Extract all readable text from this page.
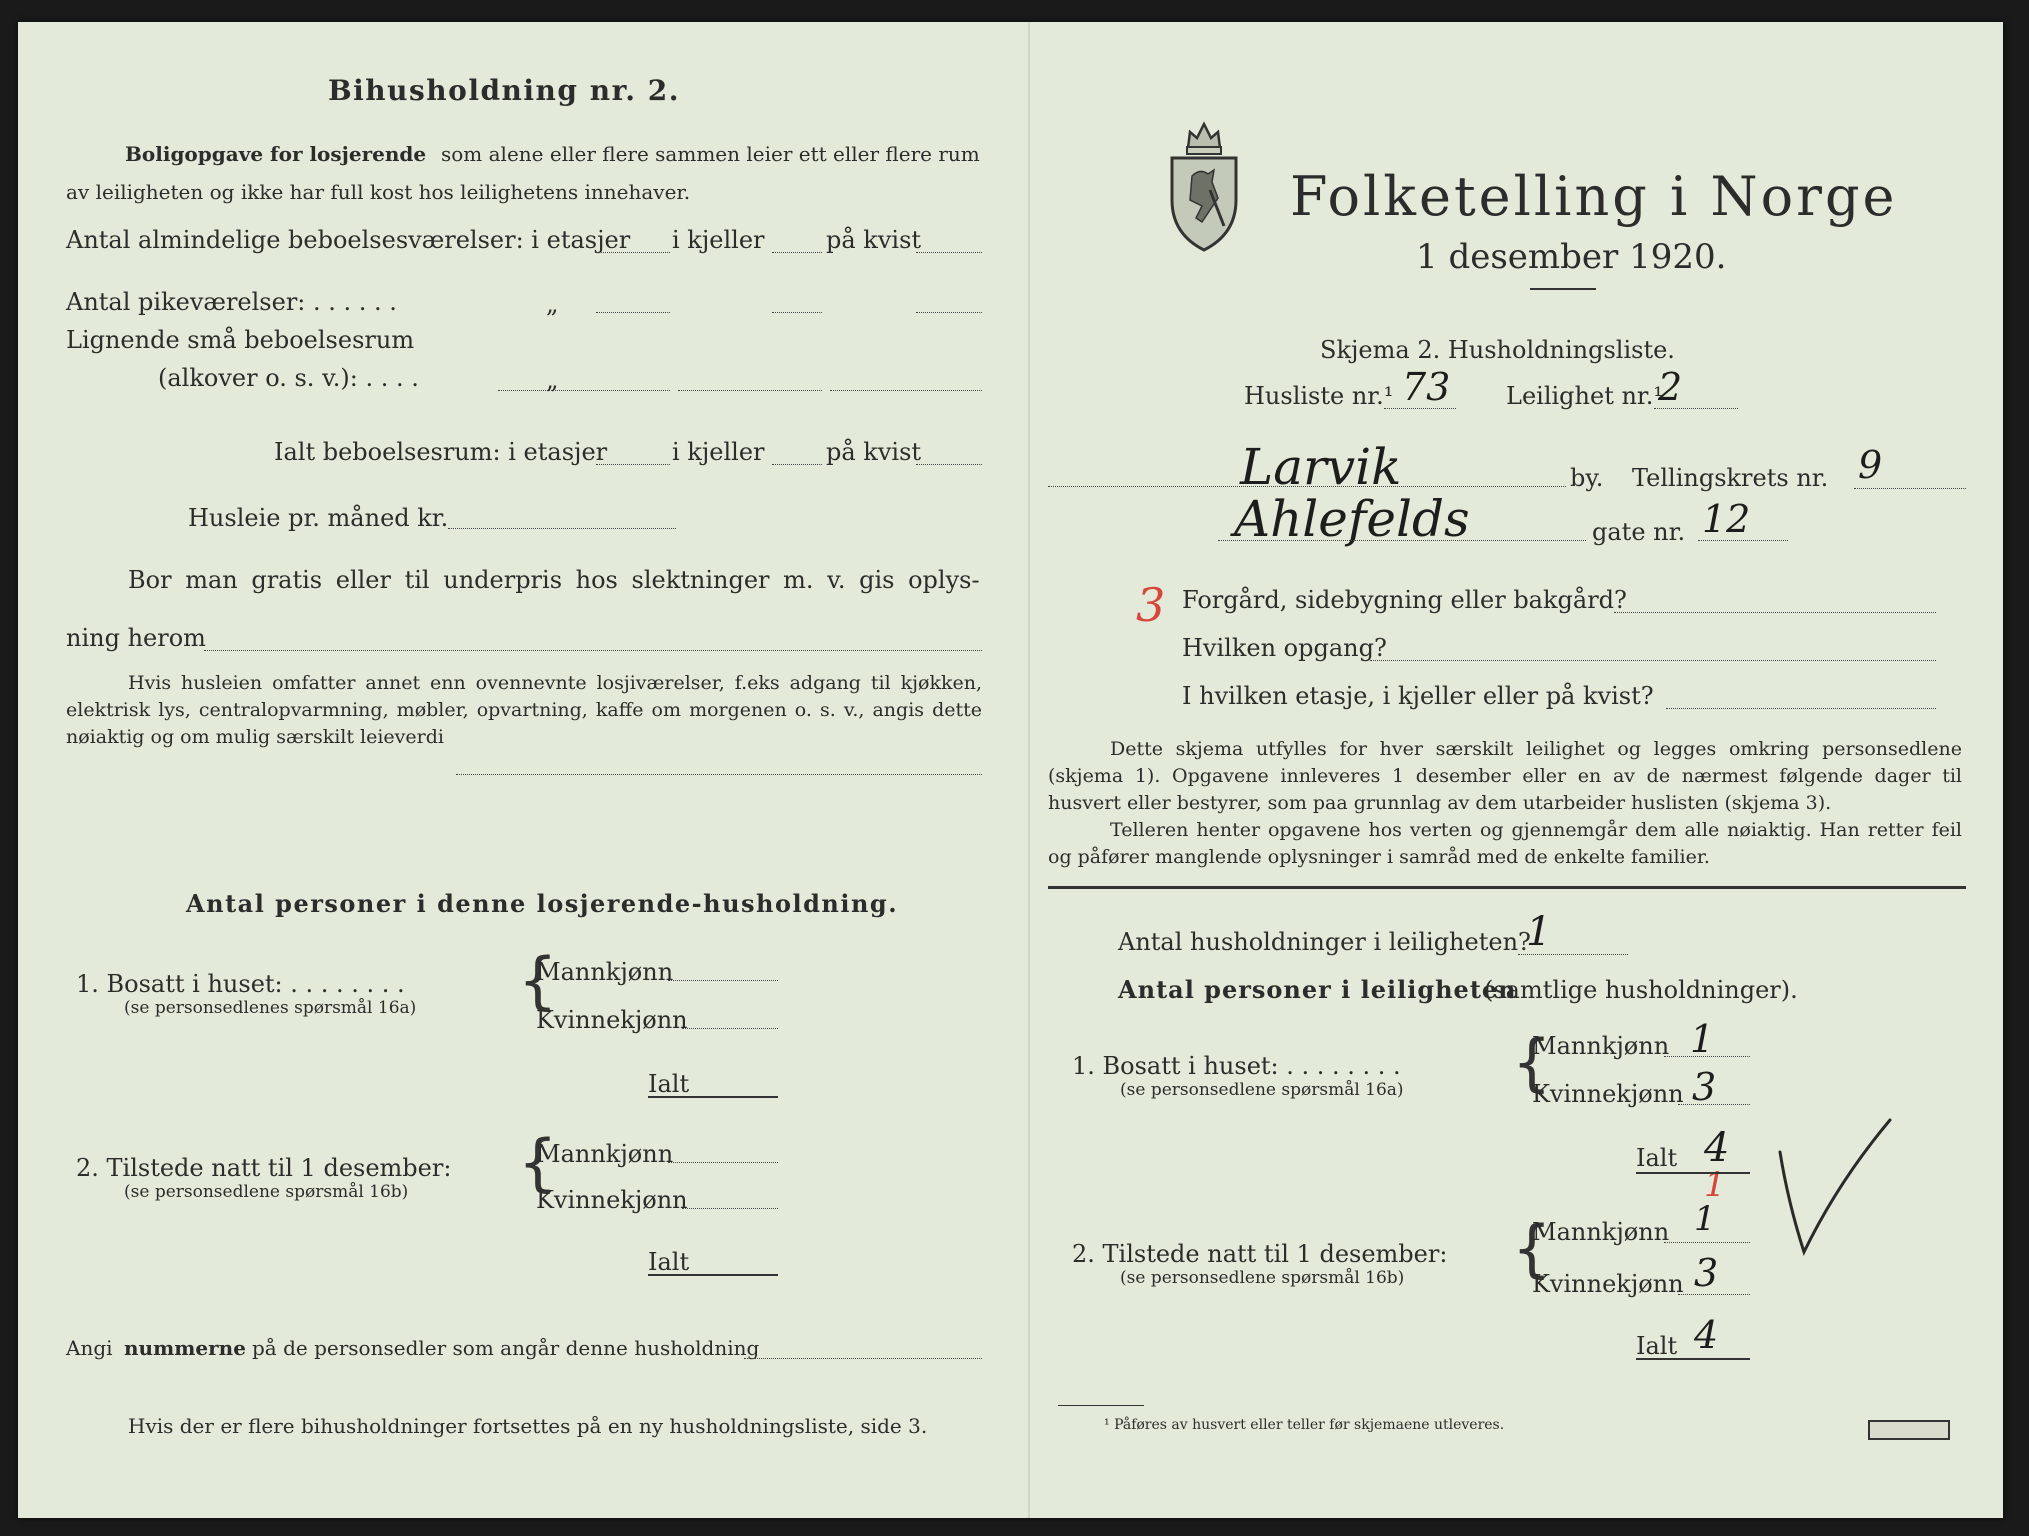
Bihusholdning nr. 2.
Boligopgave for losjerende som alene eller flere sammen leier ett eller flere rum
av leiligheten og ikke har full kost hos leilighetens innehaver.
Antal almindelige beboelsesværelser: i etasjer i kjeller	på kvist
Antal pikeværelser: . . . . . .	„
Lignende små beboelsesrum
(alkover o. s. v.): . . . .	„
Ialt beboelsesrum: i etasjer	i kjeller	på kvist
Husleie pr. måned kr.
Bor man gratis eller til underpris hos slektninger m. v. gis oplys-
ning herom

Hvis husleien omfatter annet enn ovennevnte losjiværelser, f.eks adgang til kjøkken, elektrisk lys, centralopvarmning, møbler, opvartning, kaffe om morgenen o. s. v., angis dette nøiaktig og om mulig særskilt leieverdi

Antal personer i denne losjerende-husholdning.
1. Bosatt i huset: . . . . . . . .
(se personsedlenes spørsmål 16a) {
Mannkjønn
Kvinnekjønn
Ialt
2. Tilstede natt til 1 desember:
(se personsedlene spørsmål 16b) {
Mannkjønn
Kvinnekjønn
Ialt
Angi nummerne på de personsedler som angår denne husholdning
Hvis der er flere bihusholdninger fortsettes på en ny husholdningsliste, side 3.
Folketelling i Norge
1 desember 1920.
Skjema 2. Husholdningsliste.
Husliste nr.¹ 73 Leilighet nr.¹
2
Larvik	by. Tellingskrets nr. 9
Ahlefelds	gate nr. 12
3 Forgård, sidebygning eller bakgård?
Hvilken opgang?
I hvilken etasje, i kjeller eller på kvist?

Dette skjema utfylles for hver særskilt leilighet og legges omkring personsedlene (skjema 1). Opgavene innleveres 1 desember eller en av de nærmest følgende dager til husvert eller bestyrer, som paa grunnlag av dem utarbeider huslisten (skjema 3).

Telleren henter opgavene hos verten og gjennemgår dem alle nøiaktig. Han retter feil og påfører manglende oplysninger i samråd med de enkelte familier.

Antal husholdninger i leiligheten?
1
Antal personer i leiligheten
(samtlige husholdninger).
1. Bosatt i huset: . . . . . . . .
(se personsedlene spørsmål 16a) {
Mannkjønn 1
Kvinnekjønn 3
Ialt 4
1
2. Tilstede natt til 1 desember:
(se personsedlene spørsmål 16b) {
Mannkjønn 1
Kvinnekjønn 3
Ialt 4
¹ Påføres av husvert eller teller før skjemaene utleveres.
